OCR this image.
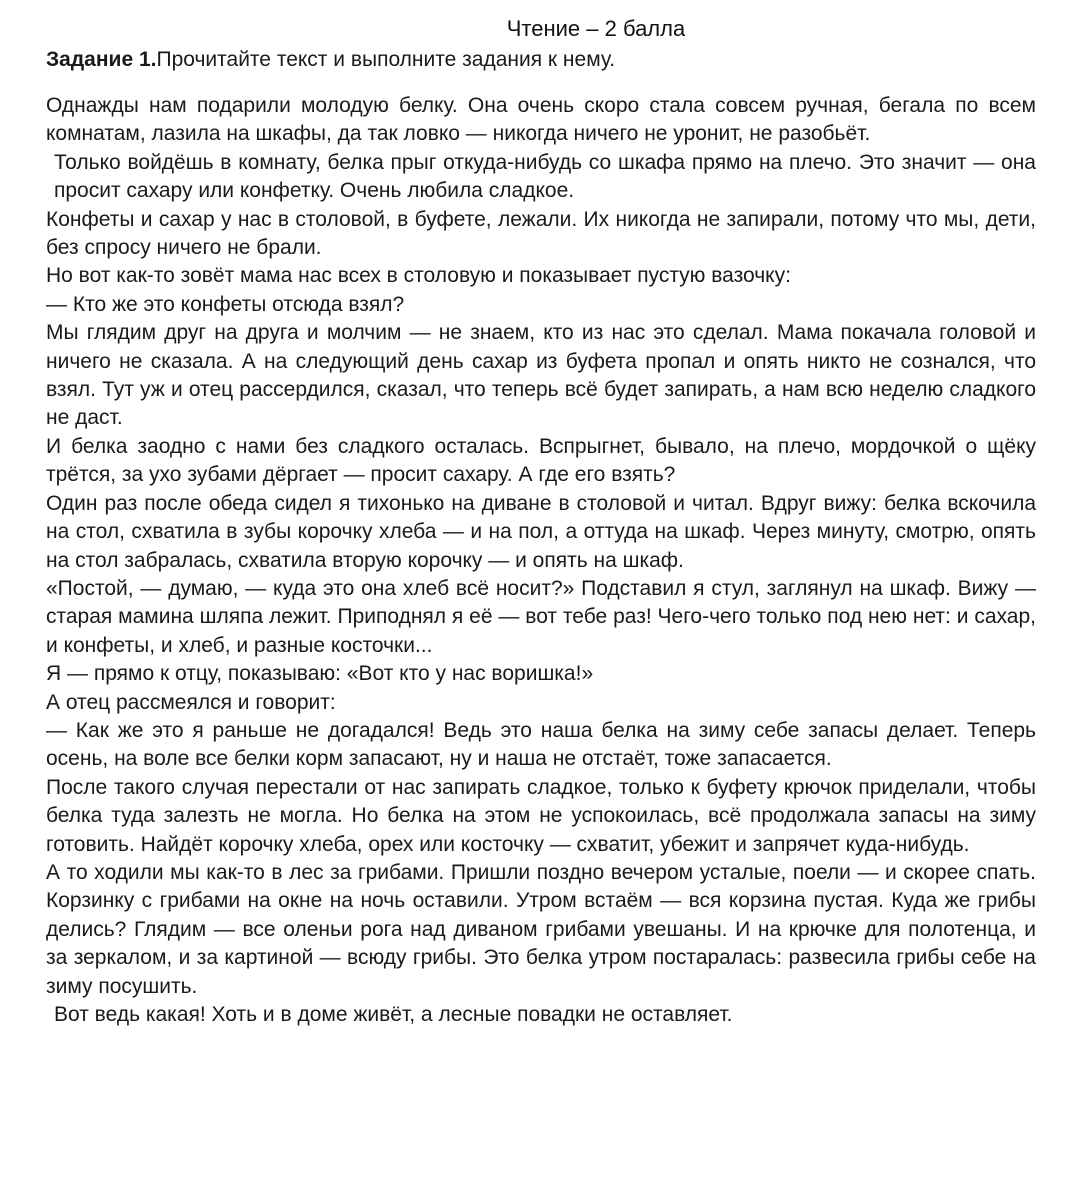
Чтение – 2 балла

Задание 1.Прочитайте текст и выполните задания к нему.

Однажды нам подарили молодую белку. Она очень скоро стала совсем ручная, бегала по всем комнатам, лазила на шкафы, да так ловко — никогда ничего не уронит, не разобьёт.

Только войдёшь в комнату, белка прыг откуда-нибудь со шкафа прямо на плечо. Это значит — она просит сахару или конфетку. Очень любила сладкое.

Конфеты и сахар у нас в столовой, в буфете, лежали. Их никогда не запирали, потому что мы, дети, без спросу ничего не брали.

Но вот как-то зовёт мама нас всех в столовую и показывает пустую вазочку:

— Кто же это конфеты отсюда взял?

Мы глядим друг на друга и молчим — не знаем, кто из нас это сделал. Мама покачала головой и ничего не сказала. А на следующий день сахар из буфета пропал и опять никто не сознался, что взял. Тут уж и отец рассердился, сказал, что теперь всё будет запирать, а нам всю неделю сладкого не даст.

И белка заодно с нами без сладкого осталась. Вспрыгнет, бывало, на плечо, мордочкой о щёку трётся, за ухо зубами дёргает — просит сахару. А где его взять?

Один раз после обеда сидел я тихонько на диване в столовой и читал. Вдруг вижу: белка вскочила на стол, схватила в зубы корочку хлеба — и на пол, а оттуда на шкаф. Через минуту, смотрю, опять на стол забралась, схватила вторую корочку — и опять на шкаф.

«Постой, — думаю, — куда это она хлеб всё носит?» Подставил я стул, заглянул на шкаф. Вижу — старая мамина шляпа лежит. Приподнял я её — вот тебе раз! Чего-чего только под нею нет: и сахар, и конфеты, и хлеб, и разные косточки...

Я — прямо к отцу, показываю: «Вот кто у нас воришка!»

А отец рассмеялся и говорит:

— Как же это я раньше не догадался! Ведь это наша белка на зиму себе запасы делает. Теперь осень, на воле все белки корм запасают, ну и наша не отстаёт, тоже запасается.

После такого случая перестали от нас запирать сладкое, только к буфету крючок приделали, чтобы белка туда залезть не могла. Но белка на этом не успокоилась, всё продолжала запасы на зиму готовить. Найдёт корочку хлеба, орех или косточку — схватит, убежит и запрячет куда-нибудь.

А то ходили мы как-то в лес за грибами. Пришли поздно вечером усталые, поели — и скорее спать. Корзинку с грибами на окне на ночь оставили. Утром встаём — вся корзина пустая. Куда же грибы делись? Глядим — все оленьи рога над диваном грибами увешаны. И на крючке для полотенца, и за зеркалом, и за картиной — всюду грибы. Это белка утром постаралась: развесила грибы себе на зиму посушить.

Вот ведь какая! Хоть и в доме живёт, а лесные повадки не оставляет.
